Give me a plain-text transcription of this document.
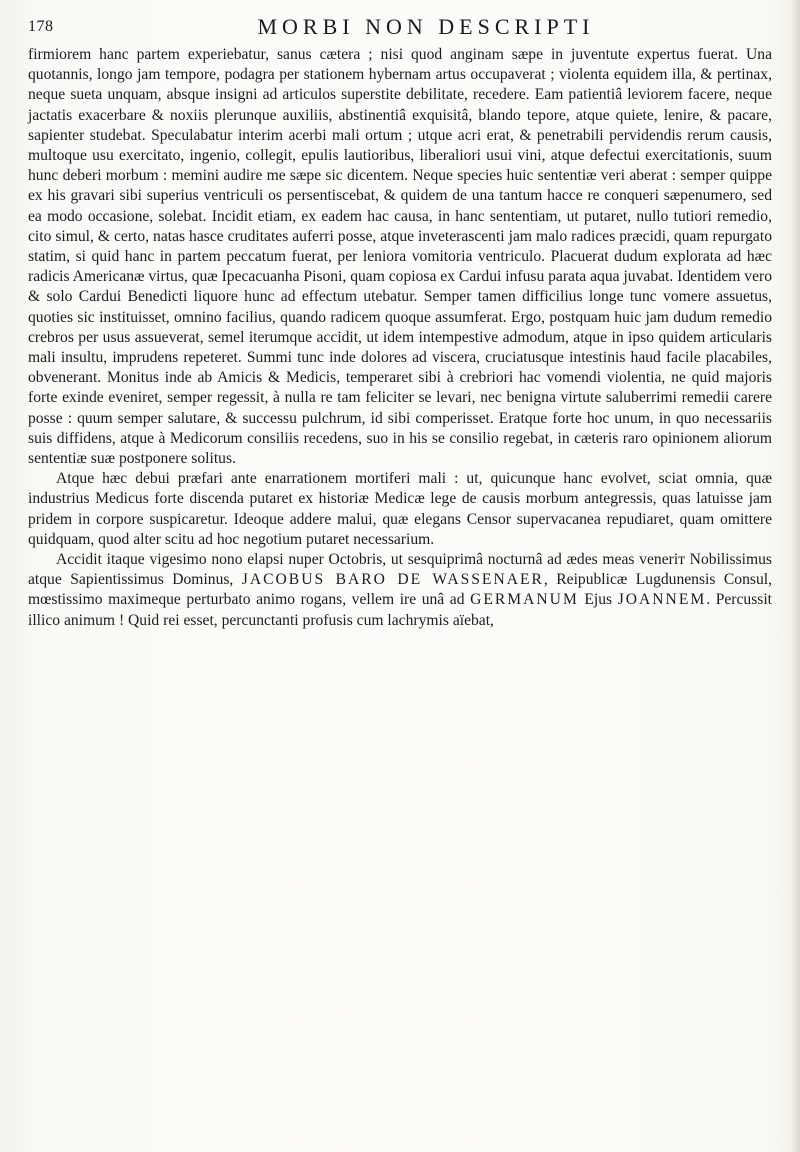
178	MORBI NON DESCRIPTI

firmiorem hanc partem experiebatur, sanus cætera ; nisi quod anginam sæpe in juventute expertus fuerat. Una quotannis, longo jam tempore, podagra per stationem hybernam artus occupaverat ; violenta equidem illa, & pertinax, neque sueta unquam, absque insigni ad articulos superstite debilitate, recedere. Eam patientiâ leviorem facere, neque jactatis exacerbare & noxiis plerunque auxiliis, abstinentiâ exquisitâ, blando tepore, atque quiete, lenire, & pacare, sapienter studebat. Speculabatur interim acerbi mali ortum ; utque acri erat, & penetrabili pervidendis rerum causis, multoque usu exercitato, ingenio, collegit, epulis lautioribus, liberaliori usui vini, atque defectui exercitationis, suum hunc deberi morbum : memini audire me sæpe sic dicentem. Neque species huic sententiæ veri aberat : semper quippe ex his gravari sibi superius ventriculi os persentiscebat, & quidem de una tantum hacce re conqueri sæpenumero, sed ea modo occasione, solebat. Incidit etiam, ex eadem hac causa, in hanc sententiam, ut putaret, nullo tutiori remedio, cito simul, & certo, natas hasce cruditates auferri posse, atque inveterascenti jam malo radices præcidi, quam repurgato statim, si quid hanc in partem peccatum fuerat, per leniora vomitoria ventriculo. Placuerat dudum explorata ad hæc radicis Americanæ virtus, quæ Ipecacuanha Pisoni, quam copiosa ex Cardui infusu parata aqua juvabat. Identidem vero & solo Cardui Benedicti liquore hunc ad effectum utebatur. Semper tamen difficilius longe tunc vomere assuetus, quoties sic instituisset, omnino facilius, quando radicem quoque assumferat. Ergo, postquam huic jam dudum remedio crebros per usus assueverat, semel iterumque accidit, ut idem intempestive admodum, atque in ipso quidem articularis mali insultu, imprudens repeteret. Summi tunc inde dolores ad viscera, cruciatusque intestinis haud facile placabiles, obvenerant. Monitus inde ab Amicis & Medicis, temperaret sibi à crebriori hac vomendi violentia, ne quid majoris forte exinde eveniret, semper regessit, à nulla re tam feliciter se levari, nec benigna virtute saluberrimi remedii carere posse : quum semper salutare, & successu pulchrum, id sibi comperisset. Eratque forte hoc unum, in quo necessariis suis diffidens, atque à Medicorum consiliis recedens, suo in his se consilio regebat, in cæteris raro opinionem aliorum sententiæ suæ postponere solitus.

Atque hæc debui præfari ante enarrationem mortiferi mali : ut, quicunque hanc evolvet, sciat omnia, quæ industrius Medicus forte discenda putaret ex historiæ Medicæ lege de causis morbum antegressis, quas latuisse jam pridem in corpore suspicaretur. Ideoque addere malui, quæ elegans Censor supervacanea repudiaret, quam omittere quidquam, quod alter scitu ad hoc negotium putaret necessarium.

Accidit itaque vigesimo nono elapsi nuper Octobris, ut sesquiprimâ nocturnâ ad ædes meas veneriт Nobilissimus atque Sapientissimus Dominus, JACOBUS BARO DE WASSENAER, Reipublicæ Lugdunensis Consul, mœstissimo maximeque perturbato animo rogans, vellem ire unâ ad GERMANUM Ejus JOANNEM. Percussit illico animum ! Quid rei esset, percunctanti profusis cum lachrymis aïebat,
